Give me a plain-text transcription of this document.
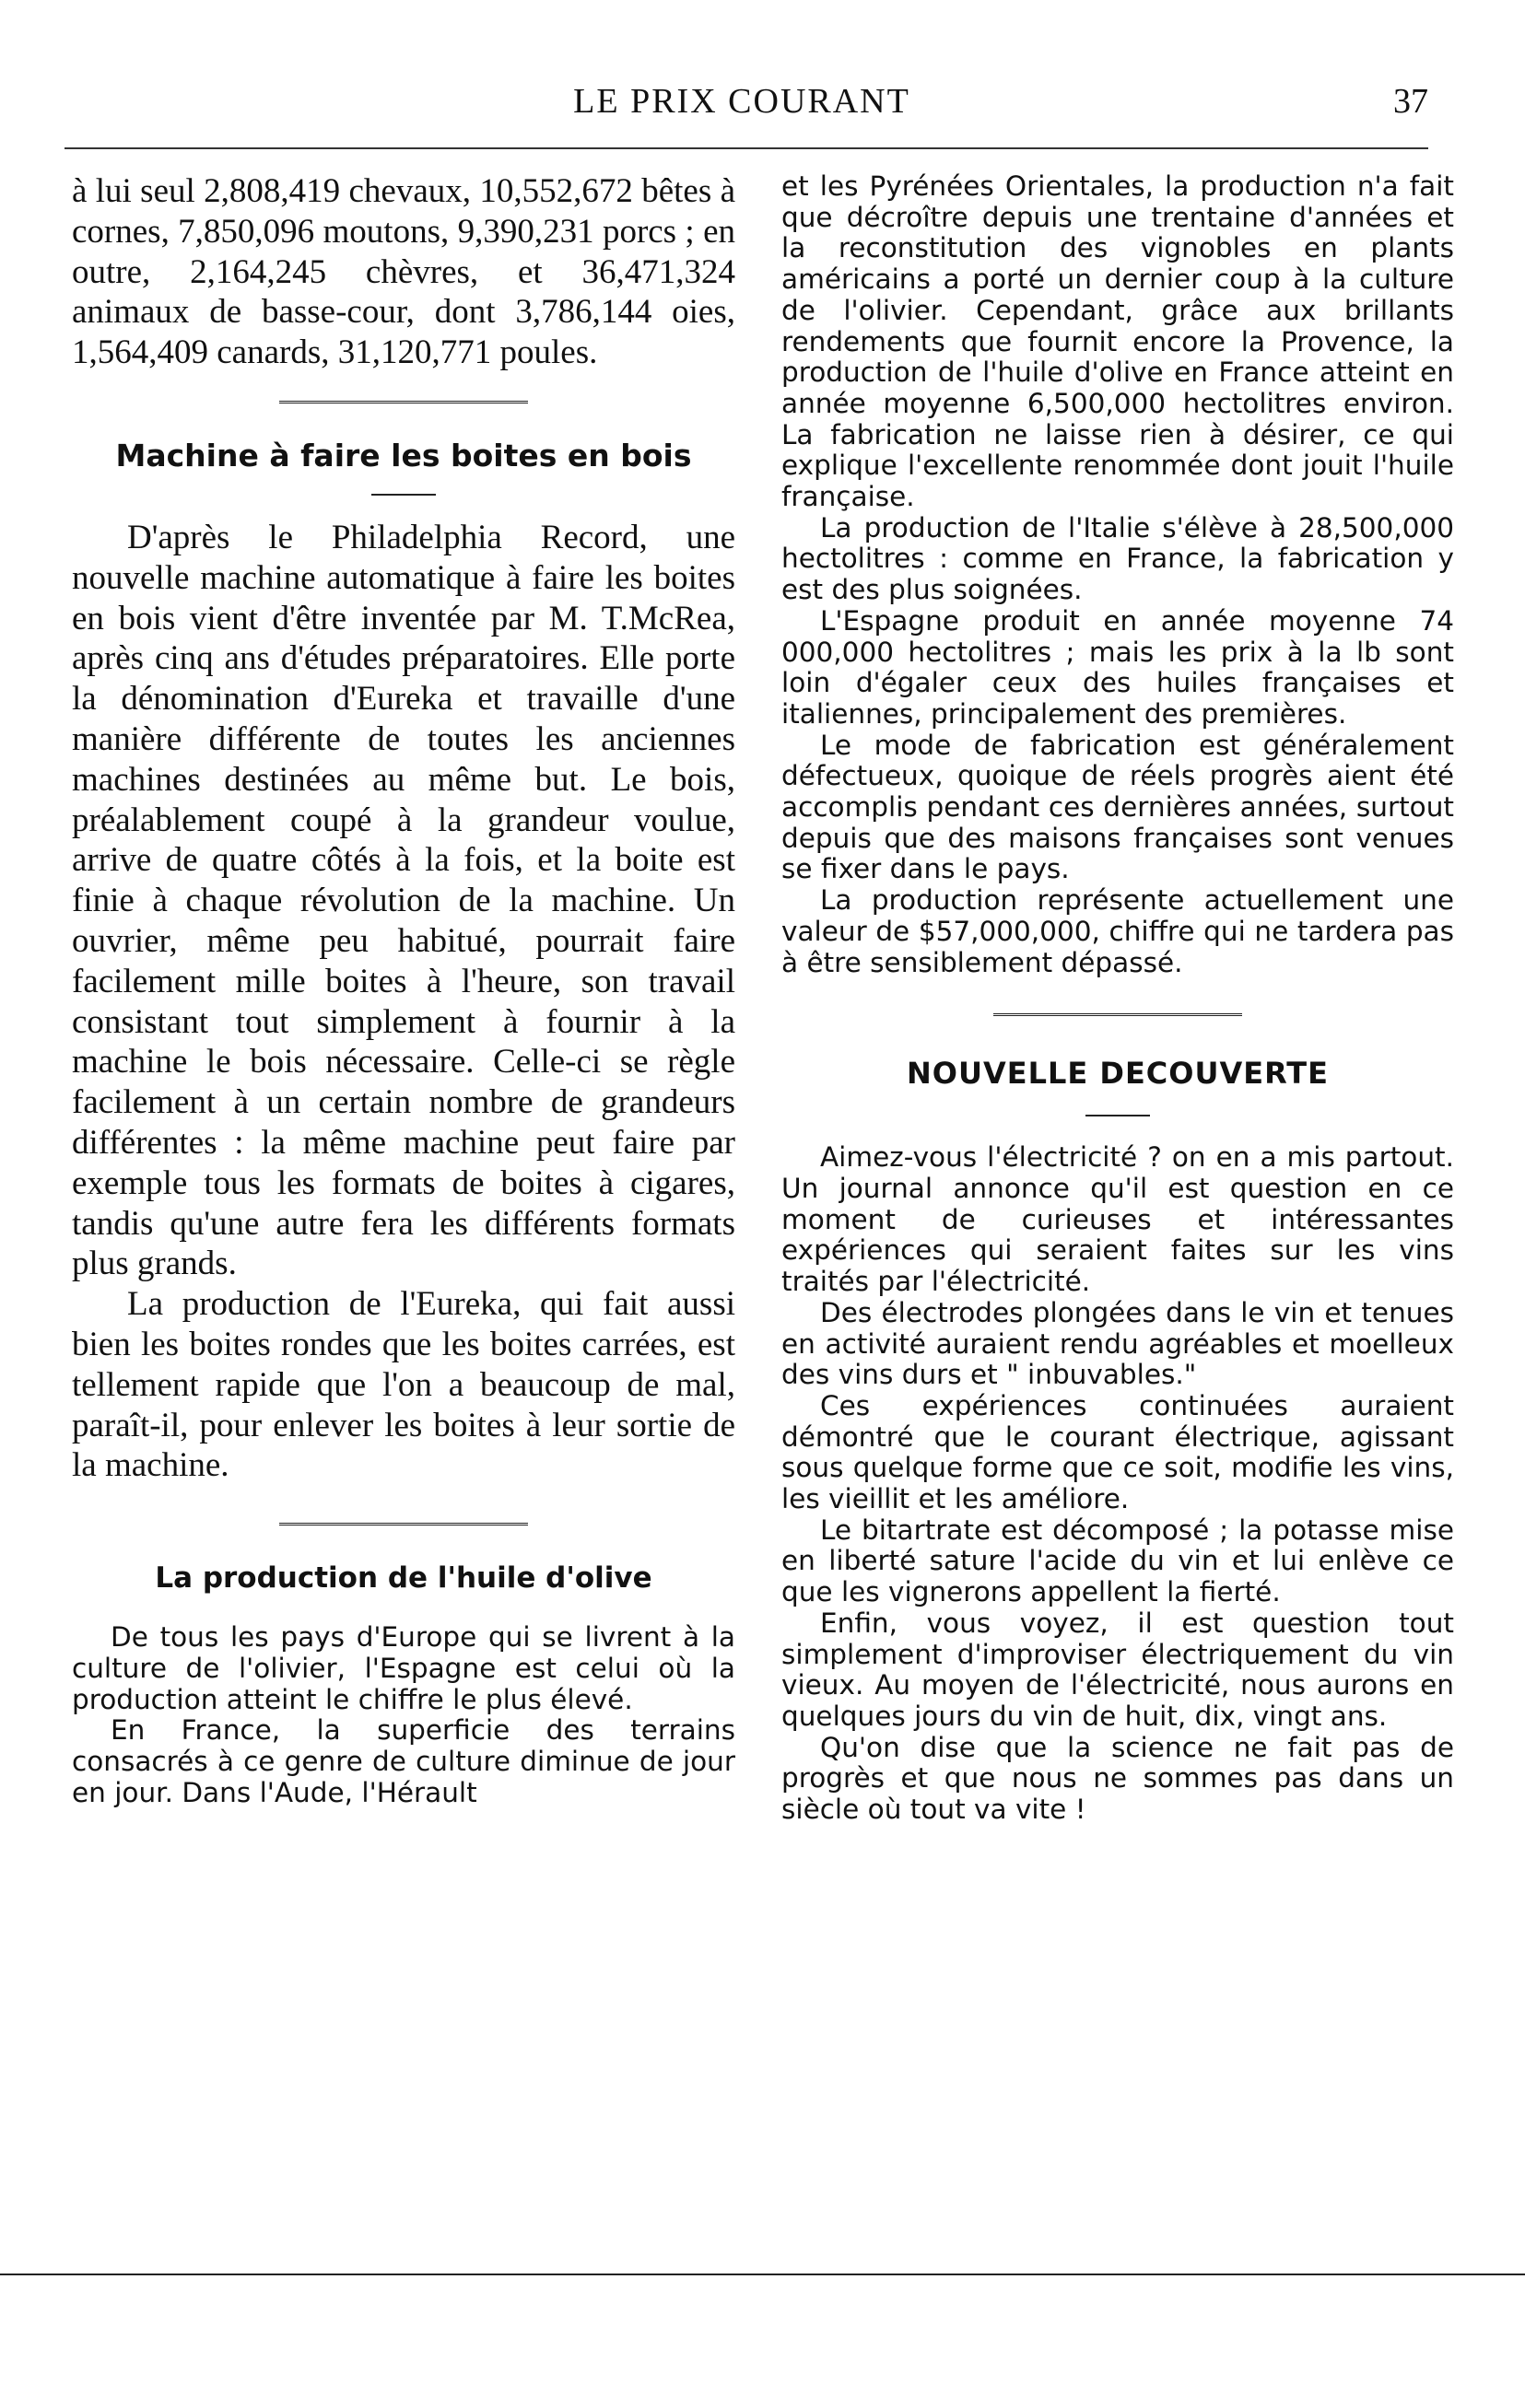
LE PRIX COURANT	37

à lui seul 2,808,419 chevaux, 10,552,672 bêtes à cornes, 7,850,096 moutons, 9,390,231 porcs ; en outre, 2,164,245 chèvres, et 36,471,324 animaux de basse-cour, dont 3,786,144 oies, 1,564,409 canards, 31,120,771 poules.

Machine à faire les boites en bois

D'après le Philadelphia Record, une nouvelle machine automatique à faire les boites en bois vient d'être inventée par M. T.McRea, après cinq ans d'études préparatoires. Elle porte la dénomination d'Eureka et travaille d'une manière différente de toutes les anciennes machines destinées au même but. Le bois, préalablement coupé à la grandeur voulue, arrive de quatre côtés à la fois, et la boite est finie à chaque révolution de la machine. Un ouvrier, même peu habitué, pourrait faire facilement mille boites à l'heure, son travail consistant tout simplement à fournir à la machine le bois nécessaire. Celle-ci se règle facilement à un certain nombre de grandeurs différentes : la même machine peut faire par exemple tous les formats de boites à cigares, tandis qu'une autre fera les différents formats plus grands.

La production de l'Eureka, qui fait aussi bien les boites rondes que les boites carrées, est tellement rapide que l'on a beaucoup de mal, paraît-il, pour enlever les boites à leur sortie de la machine.

La production de l'huile d'olive

De tous les pays d'Europe qui se livrent à la culture de l'olivier, l'Espagne est celui où la production atteint le chiffre le plus élevé.

En France, la superficie des terrains consacrés à ce genre de culture diminue de jour en jour. Dans l'Aude, l'Hérault

et les Pyrénées Orientales, la production n'a fait que décroître depuis une trentaine d'années et la reconstitution des vignobles en plants américains a porté un dernier coup à la culture de l'olivier. Cependant, grâce aux brillants rendements que fournit encore la Provence, la production de l'huile d'olive en France atteint en année moyenne 6,500,000 hectolitres environ. La fabrication ne laisse rien à désirer, ce qui explique l'excellente renommée dont jouit l'huile française.

La production de l'Italie s'élève à 28,500,000 hectolitres : comme en France, la fabrication y est des plus soignées.

L'Espagne produit en année moyenne 74 000,000 hectolitres ; mais les prix à la lb sont loin d'égaler ceux des huiles françaises et italiennes, principalement des premières.

Le mode de fabrication est généralement défectueux, quoique de réels progrès aient été accomplis pendant ces dernières années, surtout depuis que des maisons françaises sont venues se fixer dans le pays.

La production représente actuellement une valeur de $57,000,000, chiffre qui ne tardera pas à être sensiblement dépassé.

NOUVELLE DECOUVERTE

Aimez-vous l'électricité ? on en a mis partout. Un journal annonce qu'il est question en ce moment de curieuses et intéressantes expériences qui seraient faites sur les vins traités par l'électricité.

Des électrodes plongées dans le vin et tenues en activité auraient rendu agréables et moelleux des vins durs et " inbuvables."

Ces expériences continuées auraient démontré que le courant électrique, agissant sous quelque forme que ce soit, modifie les vins, les vieillit et les améliore.

Le bitartrate est décomposé ; la potasse mise en liberté sature l'acide du vin et lui enlève ce que les vignerons appellent la fierté.

Enfin, vous voyez, il est question tout simplement d'improviser électriquement du vin vieux. Au moyen de l'électricité, nous aurons en quelques jours du vin de huit, dix, vingt ans.

Qu'on dise que la science ne fait pas de progrès et que nous ne sommes pas dans un siècle où tout va vite !
